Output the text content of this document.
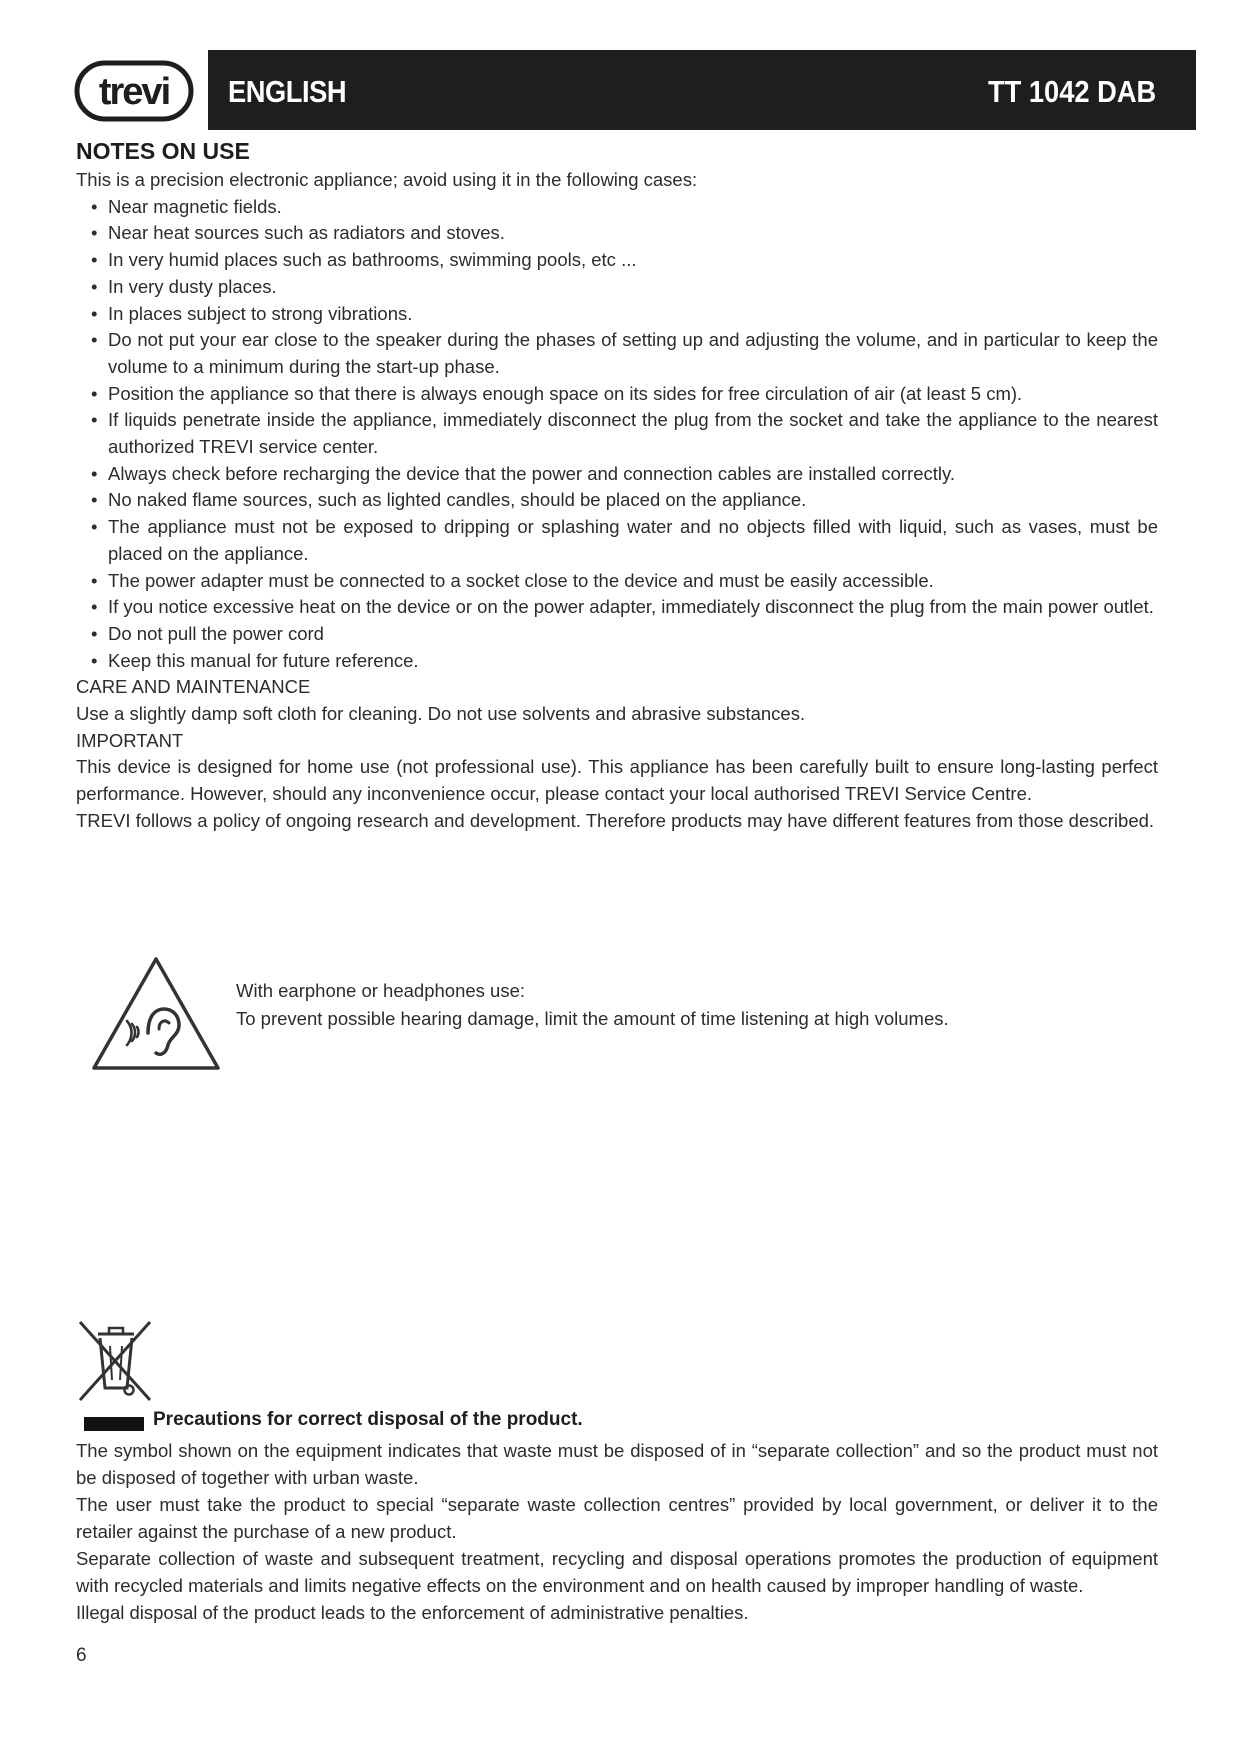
trevi ENGLISH	TT 1042 DAB
NOTES ON USE

This is a precision electronic appliance; avoid using it in the following cases:

• Near magnetic fields.
• Near heat sources such as radiators and stoves.
• In very humid places such as bathrooms, swimming pools, etc ...
• In very dusty places.
• In places subject to strong vibrations.
• Do not put your ear close to the speaker during the phases of setting up and adjusting the volume, and in particular to keep the volume to a minimum during the start-up phase.
• Position the appliance so that there is always enough space on its sides for free circulation of air (at least 5 cm).
• If liquids penetrate inside the appliance, immediately disconnect the plug from the socket and take the appliance to the nearest authorized TREVI service center.
• Always check before recharging the device that the power and connection cables are installed correctly.
• No naked flame sources, such as lighted candles, should be placed on the appliance.
• The appliance must not be exposed to dripping or splashing water and no objects filled with liquid, such as vases, must be placed on the appliance.
• The power adapter must be connected to a socket close to the device and must be easily accessible.
• If you notice excessive heat on the device or on the power adapter, immediately disconnect the plug from the main power outlet.
• Do not pull the power cord
• Keep this manual for future reference.

CARE AND MAINTENANCE

Use a slightly damp soft cloth for cleaning. Do not use solvents and abrasive substances.

IMPORTANT

This device is designed for home use (not professional use). This appliance has been carefully built to ensure long-lasting perfect performance. However, should any inconvenience occur, please contact your local authorised TREVI Service Centre.

TREVI follows a policy of ongoing research and development. Therefore products may have different features from those described.

With earphone or headphones use:
To prevent possible hearing damage, limit the amount of time listening at high volumes.
Precautions for correct disposal of the product.

The symbol shown on the equipment indicates that waste must be disposed of in “separate collection” and so the product must not be disposed of together with urban waste.

The user must take the product to special “separate waste collection centres” provided by local government, or deliver it to the retailer against the purchase of a new product.

Separate collection of waste and subsequent treatment, recycling and disposal operations promotes the production of equipment with recycled materials and limits negative effects on the environment and on health caused by improper handling of waste.

Illegal disposal of the product leads to the enforcement of administrative penalties.

6
